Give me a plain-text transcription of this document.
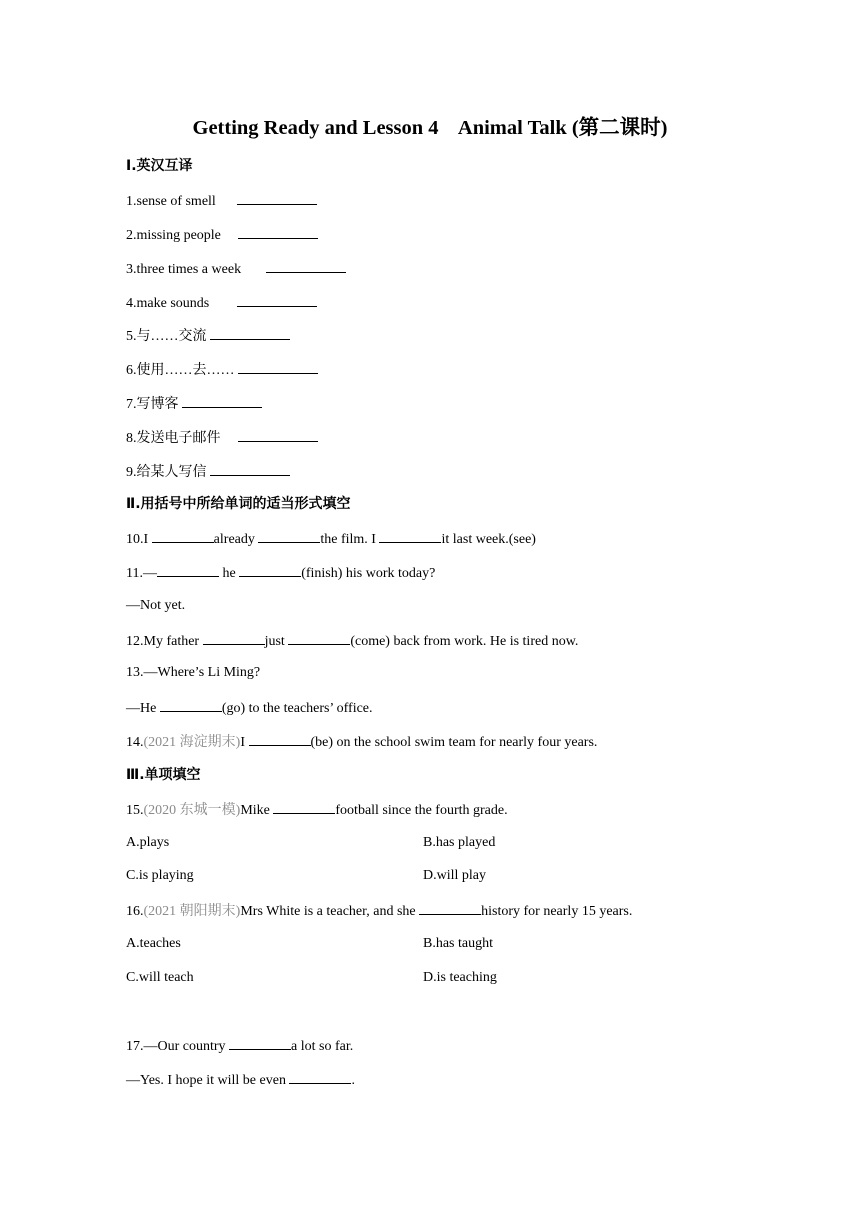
Getting Ready and Lesson 4    Animal Talk (第二课时)
Ⅰ.英汉互译
1.sense of smell
2.missing people
3.three times a week
4.make sounds
5.与……交流
6.使用……去……
7.写博客
8.发送电子邮件
9.给某人写信
Ⅱ.用括号中所给单词的适当形式填空
10.I	already	the film. I	it last week.(see)
11.—	he	(finish) his work today?
—Not yet.
12.My father	just	(come) back from work. He is tired now.
13.—Where’s Li Ming?
—He	(go) to the teachers’ office.
14.(2021 海淀期末)I	(be) on the school swim team for nearly four years.
Ⅲ.单项填空
15.(2020 东城一模)Mike	football since the fourth grade.
A.plays	B.has played
C.is playing	D.will play
16.(2021 朝阳期末)Mrs White is a teacher, and she	history for nearly 15 years.
A.teaches	B.has taught
C.will teach	D.is teaching
17.—Our country	a lot so far.
—Yes. I hope it will be even	.
